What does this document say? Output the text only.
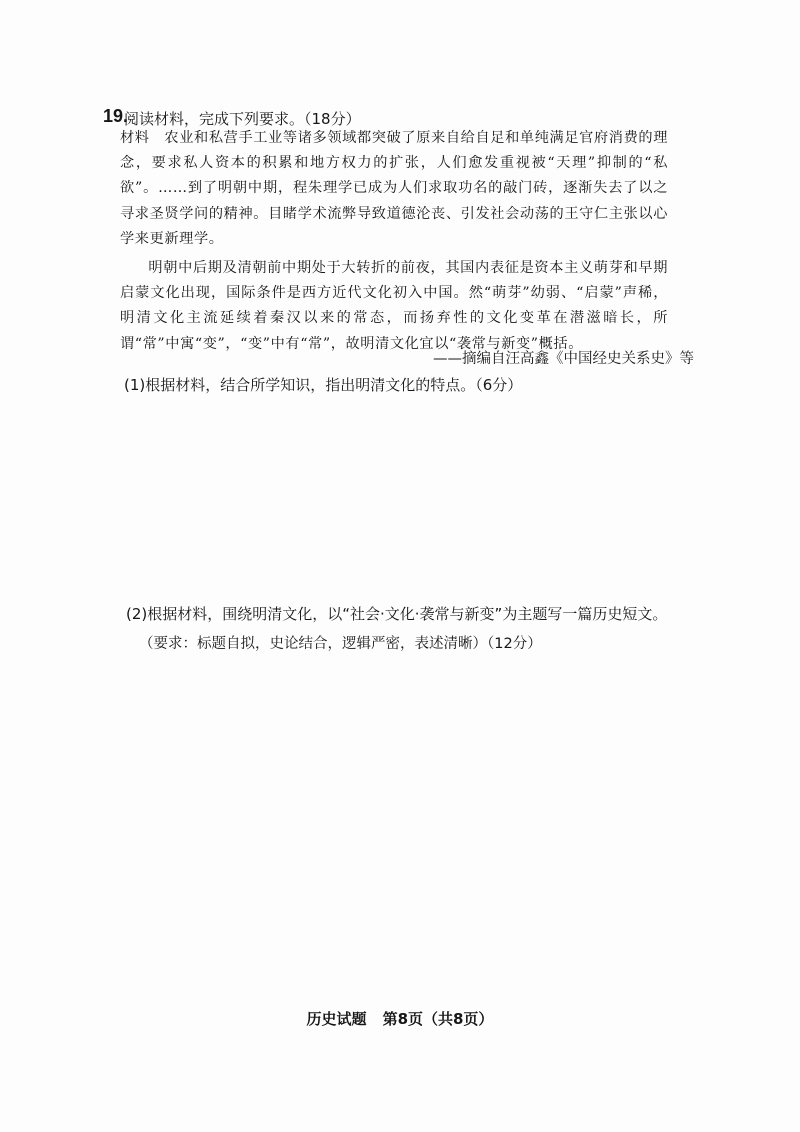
19.
阅读材料，完成下列要求。（18分）

材料　农业和私营手工业等诸多领域都突破了原来自给自足和单纯满足官府消费的理念，要求私人资本的积累和地方权力的扩张，人们愈发重视被“天理”抑制的“私欲”。……到了明朝中期，程朱理学已成为人们求取功名的敲门砖，逐渐失去了以之寻求圣贤学问的精神。目睹学术流弊导致道德沦丧、引发社会动荡的王守仁主张以心学来更新理学。

明朝中后期及清朝前中期处于大转折的前夜，其国内表征是资本主义萌芽和早期启蒙文化出现，国际条件是西方近代文化初入中国。然“萌芽”幼弱、“启蒙”声稀，明清文化主流延续着秦汉以来的常态，而扬弃性的文化变革在潜滋暗长，所谓“常”中寓“变”，“变”中有“常”，故明清文化宜以“袭常与新变”概括。

——摘编自汪高鑫《中国经史关系史》等
(1)根据材料，结合所学知识，指出明清文化的特点。（6分）
(2)根据材料，围绕明清文化，以“社会·文化·袭常与新变”为主题写一篇历史短文。
（要求：标题自拟，史论结合，逻辑严密，表述清晰）（12分）
历史试题 第8页（共8页）
